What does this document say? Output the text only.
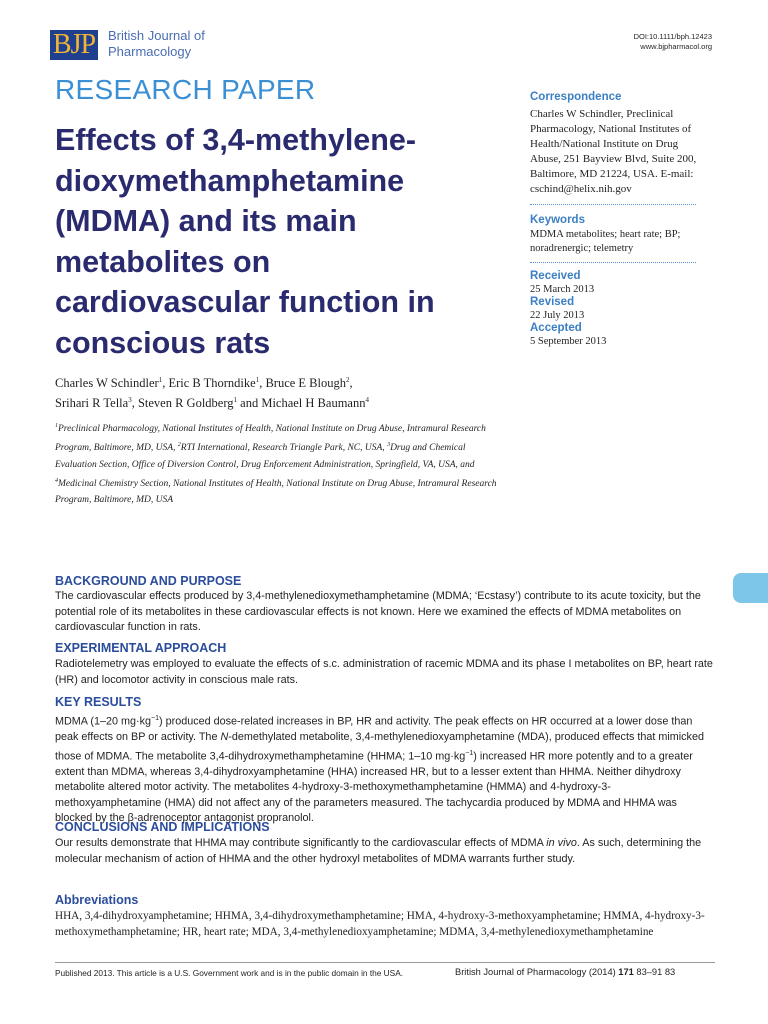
BJP British Journal of
Pharmacology
DOI:10.1111/bph.12423
www.bjpharmacol.org
RESEARCH PAPER
Effects of 3,4-methylene-dioxymethamphetamine (MDMA) and its main metabolites on cardiovascular function in conscious rats
Correspondence
Charles W Schindler, Preclinical Pharmacology, National Institutes of Health/National Institute on Drug Abuse, 251 Bayview Blvd, Suite 200, Baltimore, MD 21224, USA. E-mail: cschind@helix.nih.gov
Keywords
MDMA metabolites; heart rate; BP; noradrenergic; telemetry
Received
25 March 2013
Revised
22 July 2013
Accepted
5 September 2013
Charles W Schindler$^1$, Eric B Thorndike$^1$, Bruce E Blough$^2$,
Srihari R Tella$^3$, Steven R Goldberg$^1$ and Michael H Baumann$^4$
$^1$Preclinical Pharmacology, National Institutes of Health, National Institute on Drug Abuse, Intramural Research Program, Baltimore, MD, USA, $^2$RTI International, Research Triangle Park, NC, USA, $^3$Drug and Chemical Evaluation Section, Office of Diversion Control, Drug Enforcement Administration, Springfield, VA, USA, and $^4$Medicinal Chemistry Section, National Institutes of Health, National Institute on Drug Abuse, Intramural Research Program, Baltimore, MD, USA
BACKGROUND AND PURPOSE
The cardiovascular effects produced by 3,4-methylenedioxymethamphetamine (MDMA; ‘Ecstasy’) contribute to its acute toxicity, but the potential role of its metabolites in these cardiovascular effects is not known. Here we examined the effects of MDMA metabolites on cardiovascular function in rats.
EXPERIMENTAL APPROACH
Radiotelemetry was employed to evaluate the effects of s.c. administration of racemic MDMA and its phase I metabolites on BP, heart rate (HR) and locomotor activity in conscious male rats.
KEY RESULTS
MDMA (1–20 $mg\cdot kg^{-1}$) produced dose-related increases in BP, HR and activity. The peak effects on HR occurred at a lower dose than peak effects on BP or activity. The N-demethylated metabolite, 3,4-methylenedioxyamphetamine (MDA), produced effects that mimicked those of MDMA. The metabolite 3,4-dihydroxymethamphetamine (HHMA; 1–10 $mg\cdot kg^{-1}$) increased HR more potently and to a greater extent than MDMA, whereas 3,4-dihydroxyamphetamine (HHA) increased HR, but to a lesser extent than HHMA. Neither dihydroxy metabolite altered motor activity. The metabolites 4-hydroxy-3-methoxymethamphetamine (HMMA) and 4-hydroxy-3-methoxyamphetamine (HMA) did not affect any of the parameters measured. The tachycardia produced by MDMA and HHMA was blocked by the β-adrenoceptor antagonist propranolol.
CONCLUSIONS AND IMPLICATIONS
Our results demonstrate that HHMA may contribute significantly to the cardiovascular effects of MDMA in vivo. As such, determining the molecular mechanism of action of HHMA and the other hydroxyl metabolites of MDMA warrants further study.
Abbreviations
HHA, 3,4-dihydroxyamphetamine; HHMA, 3,4-dihydroxymethamphetamine; HMA, 4-hydroxy-3-methoxyamphetamine; HMMA, 4-hydroxy-3-methoxymethamphetamine; HR, heart rate; MDA, 3,4-methylenedioxyamphetamine; MDMA, 3,4-methylenedioxymethamphetamine
Published 2013. This article is a U.S. Government work and is in the public domain in the USA.	British Journal of Pharmacology (2014) 171 83–91 83
